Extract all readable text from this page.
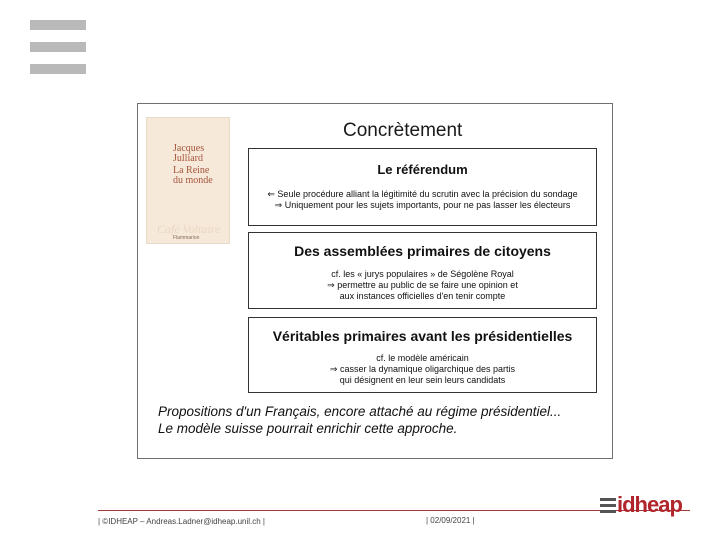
Jacques
Julliard
La Reine
du monde
Café Voltaire
Flammarion
Concrètement
Le référendum
⇐ Seule procédure alliant la légitimité du scrutin avec la précision du sondage
⇒ Uniquement pour les sujets importants, pour ne pas lasser les électeurs
Des assemblées primaires de citoyens
cf. les « jurys populaires » de Ségolène Royal
⇒ permettre au public de se faire une opinion et
aux instances officielles d'en tenir compte
Véritables primaires avant les présidentielles
cf. le modèle américain
⇒ casser la dynamique oligarchique des partis
qui désignent en leur sein leurs candidats
Propositions d'un Français, encore attaché au régime présidentiel...
Le modèle suisse pourrait enrichir cette approche.
| ©IDHEAP – Andreas.Ladner@idheap.unil.ch |	| 02/09/2021 |
idheap
